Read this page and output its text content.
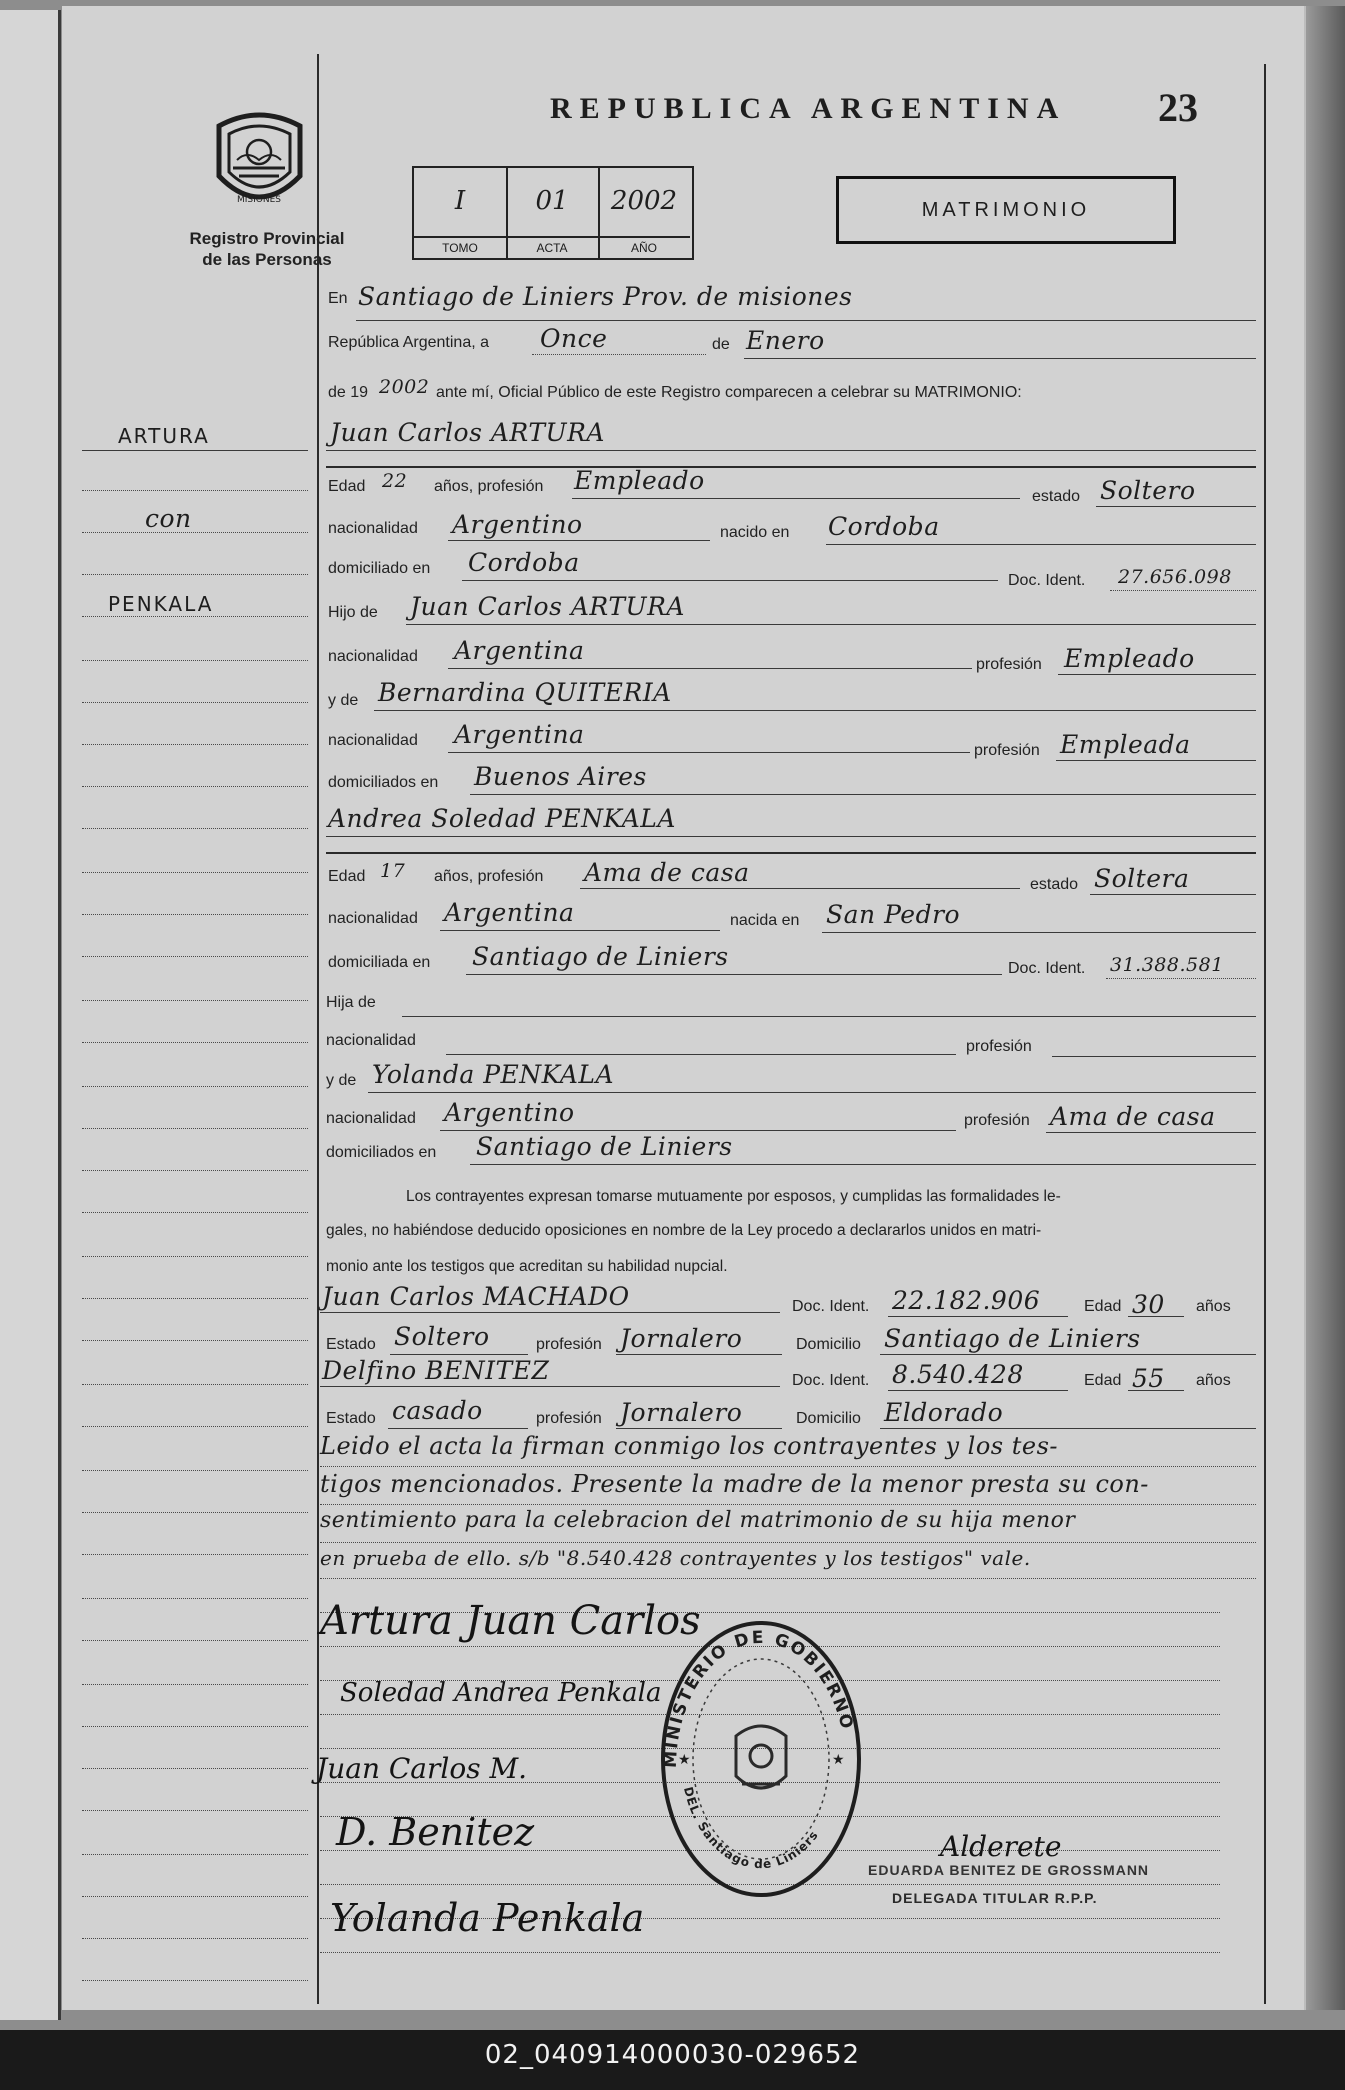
MISIONES
Registro Provincial
de las Personas
REPUBLICA ARGENTINA 23
I
TOMO
01
ACTA
2002
AÑO
MATRIMONIO
ARTURA
con
PENKALA
En Santiago de Liniers Prov. de misiones
República Argentina, a Once	de Enero
de 19 2002 ante mí, Oficial Público de este Registro comparecen a celebrar su MATRIMONIO:
Juan Carlos ARTURA
Edad 22 años, profesión Empleado
estado Soltero
nacionalidad Argentino	nacido en Cordoba
domiciliado en Cordoba
Doc. Ident. 27.656.098
Hijo de Juan Carlos ARTURA
nacionalidad Argentina	profesión Empleado
y de Bernardina QUITERIA
nacionalidad Argentina
profesión Empleada
domiciliados en Buenos Aires
Andrea Soledad PENKALA
Edad 17 años, profesión Ama de casa	estado Soltera
nacionalidad Argentina	nacida en San Pedro
domiciliada en Santiago de Liniers	Doc. Ident. 31.388.581
Hija de
nacionalidad	profesión
y de Yolanda PENKALA
nacionalidad Argentino	profesión Ama de casa
domiciliados en Santiago de Liniers
Los contrayentes expresan tomarse mutuamente por esposos, y cumplidas las formalidades le-
gales, no habiéndose deducido oposiciones en nombre de la Ley procedo a declararlos unidos en matri-
monio ante los testigos que acreditan su habilidad nupcial.
Juan Carlos MACHADO	Doc. Ident. 22.182.906	Edad 30 años
Estado Soltero	profesión Jornalero	Domicilio Santiago de Liniers
Delfino BENITEZ	Doc. Ident. 8.540.428	Edad 55 años
Estado casado	profesión Jornalero	Domicilio Eldorado
Leido el acta la firman conmigo los contrayentes y los tes-
tigos mencionados. Presente la madre de la menor presta su con-
sentimiento para la celebracion del matrimonio de su hija menor
en prueba de ello. s/b "8.540.428 contrayentes y los testigos" vale.
Artura Juan Carlos
Soledad Andrea Penkala
Juan Carlos M.
D. Benitez
Yolanda Penkala
Alderete
EDUARDA BENITEZ DE GROSSMANN
DELEGADA TITULAR R.P.P.
MINISTERIO DE GOBIERNO
DEL. Santiago de Liniers
★	★
02_040914000030-029652
